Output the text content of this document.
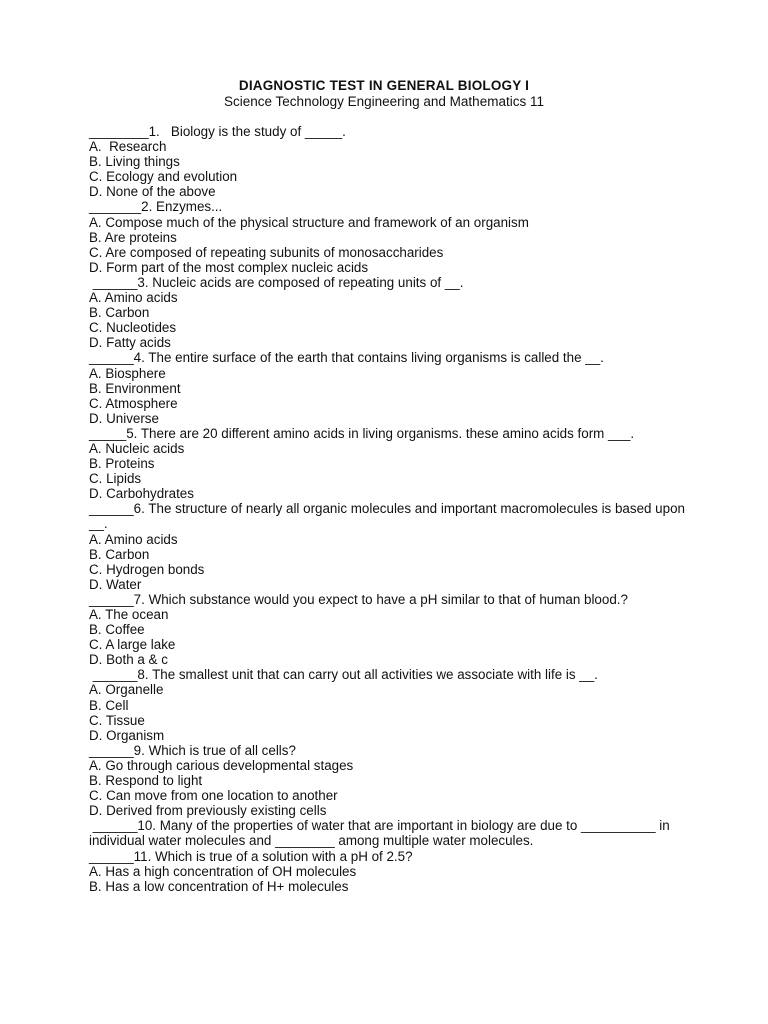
DIAGNOSTIC TEST IN GENERAL BIOLOGY I
Science Technology Engineering and Mathematics 11
________1.   Biology is the study of _____.
A.  Research
B. Living things
C. Ecology and evolution
D. None of the above
_______2. Enzymes...
A. Compose much of the physical structure and framework of an organism
B. Are proteins
C. Are composed of repeating subunits of monosaccharides
D. Form part of the most complex nucleic acids
______3. Nucleic acids are composed of repeating units of __.
A. Amino acids
B. Carbon
C. Nucleotides
D. Fatty acids
______4. The entire surface of the earth that contains living organisms is called the __.
A. Biosphere
B. Environment
C. Atmosphere
D. Universe
_____5. There are 20 different amino acids in living organisms. these amino acids form ___.
A. Nucleic acids
B. Proteins
C. Lipids
D. Carbohydrates
______6. The structure of nearly all organic molecules and important macromolecules is based upon __.
A. Amino acids
B. Carbon
C. Hydrogen bonds
D. Water
______7. Which substance would you expect to have a pH similar to that of human blood.?
A. The ocean
B. Coffee
C. A large lake
D. Both a & c
______8. The smallest unit that can carry out all activities we associate with life is __.
A. Organelle
B. Cell
C. Tissue
D. Organism
______9. Which is true of all cells?
A. Go through carious developmental stages
B. Respond to light
C. Can move from one location to another
D. Derived from previously existing cells
______10. Many of the properties of water that are important in biology are due to __________ in individual water molecules and ________ among multiple water molecules.
______11. Which is true of a solution with a pH of 2.5?
A. Has a high concentration of OH molecules
B. Has a low concentration of H+ molecules
